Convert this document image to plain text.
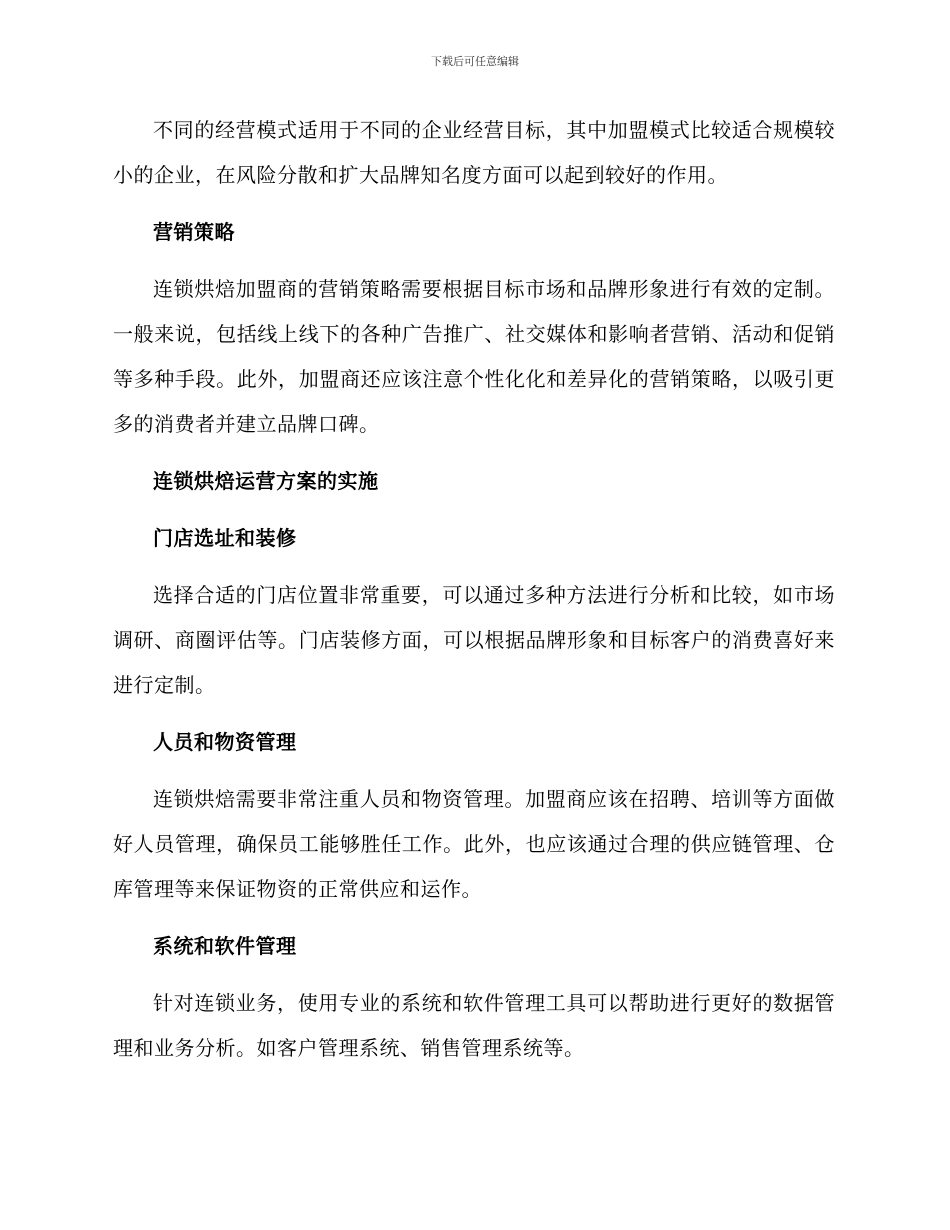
下载后可任意编辑

不同的经营模式适用于不同的企业经营目标，其中加盟模式比较适合规模较小的企业，在风险分散和扩大品牌知名度方面可以起到较好的作用。

营销策略

连锁烘焙加盟商的营销策略需要根据目标市场和品牌形象进行有效的定制。一般来说，包括线上线下的各种广告推广、社交媒体和影响者营销、活动和促销等多种手段。此外，加盟商还应该注意个性化化和差异化的营销策略，以吸引更多的消费者并建立品牌口碑。

连锁烘焙运营方案的实施
门店选址和装修

选择合适的门店位置非常重要，可以通过多种方法进行分析和比较，如市场调研、商圈评估等。门店装修方面，可以根据品牌形象和目标客户的消费喜好来进行定制。

人员和物资管理

连锁烘焙需要非常注重人员和物资管理。加盟商应该在招聘、培训等方面做好人员管理，确保员工能够胜任工作。此外，也应该通过合理的供应链管理、仓库管理等来保证物资的正常供应和运作。

系统和软件管理

针对连锁业务，使用专业的系统和软件管理工具可以帮助进行更好的数据管理和业务分析。如客户管理系统、销售管理系统等。
